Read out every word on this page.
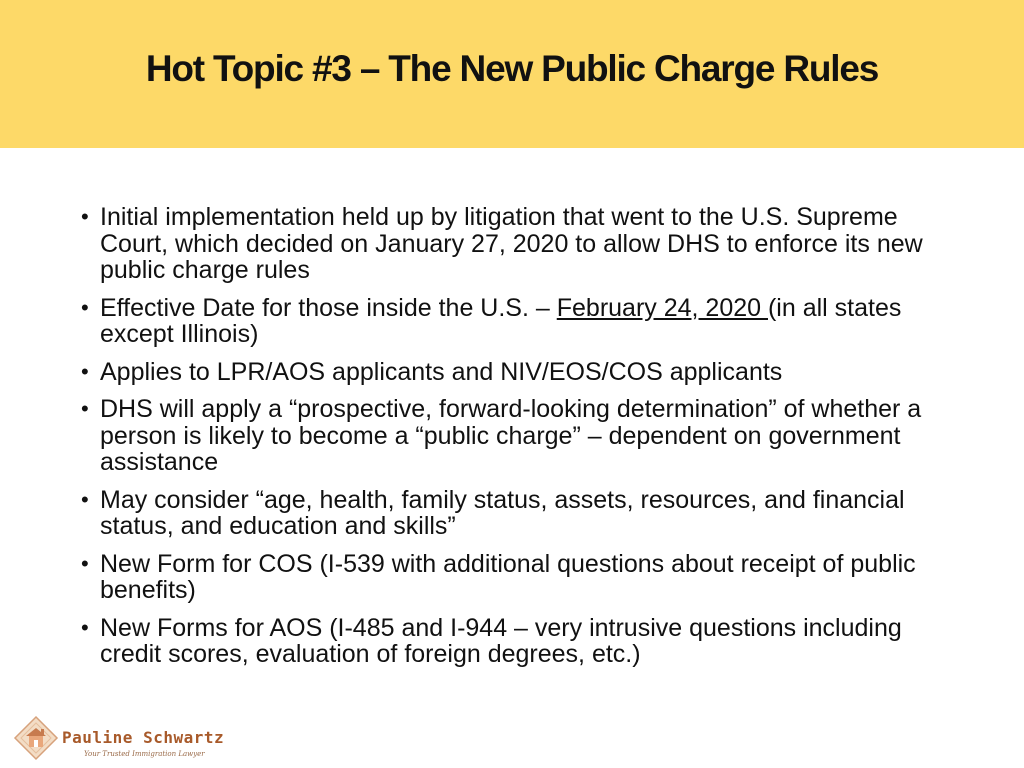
Hot Topic #3 – The New Public Charge Rules
• Initial implementation held up by litigation that went to the U.S. Supreme Court, which decided on January 27, 2020 to allow DHS to enforce its new public charge rules
• Effective Date for those inside the U.S. – February 24, 2020 (in all states except Illinois)
• Applies to LPR/AOS applicants and NIV/EOS/COS applicants
• DHS will apply a “prospective, forward-looking determination” of whether a person is likely to become a “public charge” – dependent on government assistance
• May consider “age, health, family status, assets, resources, and financial status, and education and skills”
• New Form for COS (I-539 with additional questions about receipt of public benefits)
• New Forms for AOS (I-485 and I-944 – very intrusive questions including credit scores, evaluation of foreign degrees, etc.)
Pauline Schwartz
Your Trusted Immigration Lawyer
